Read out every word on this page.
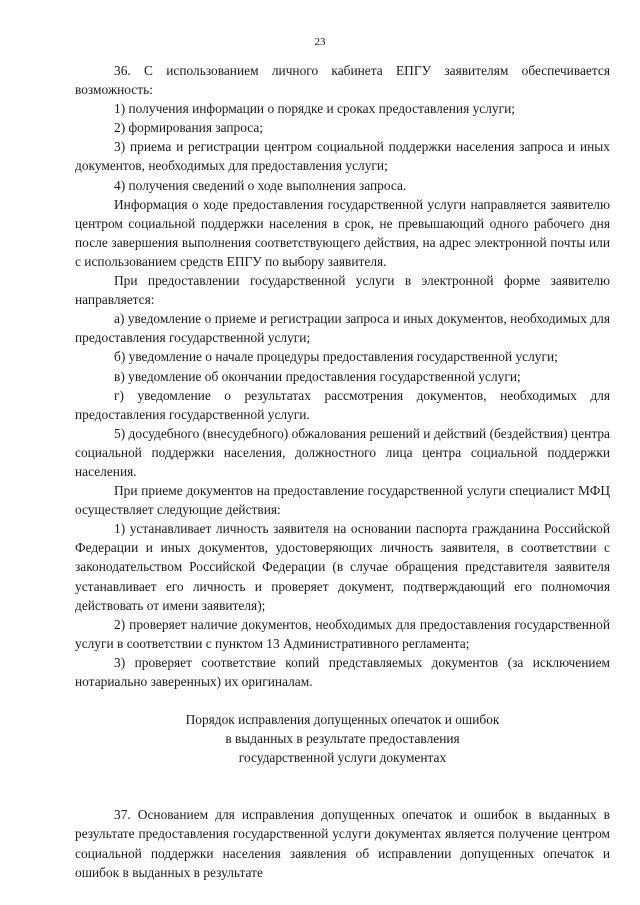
23

36. С использованием личного кабинета ЕПГУ заявителям обеспечивается возможность:

1) получения информации о порядке и сроках предоставления услуги;

2) формирования запроса;

3) приема и регистрации центром социальной поддержки населения запроса и иных документов, необходимых для предоставления услуги;

4) получения сведений о ходе выполнения запроса.

Информация о ходе предоставления государственной услуги направляется заявителю центром социальной поддержки населения в срок, не превышающий одного рабочего дня после завершения выполнения соответствующего действия, на адрес электронной почты или с использованием средств ЕПГУ по выбору заявителя.

При предоставлении государственной услуги в электронной форме заявителю направляется:

а) уведомление о приеме и регистрации запроса и иных документов, необходимых для предоставления государственной услуги;

б) уведомление о начале процедуры предоставления государственной услуги;

в) уведомление об окончании предоставления государственной услуги;

г) уведомление о результатах рассмотрения документов, необходимых для предоставления государственной услуги.

5) досудебного (внесудебного) обжалования решений и действий (бездействия) центра социальной поддержки населения, должностного лица центра социальной поддержки населения.

При приеме документов на предоставление государственной услуги специалист МФЦ осуществляет следующие действия:

1) устанавливает личность заявителя на основании паспорта гражданина Российской Федерации и иных документов, удостоверяющих личность заявителя, в соответствии с законодательством Российской Федерации (в случае обращения представителя заявителя устанавливает его личность и проверяет документ, подтверждающий его полномочия действовать от имени заявителя);

2) проверяет наличие документов, необходимых для предоставления государственной услуги в соответствии с пунктом 13 Административного регламента;

3) проверяет соответствие копий представляемых документов (за исключением нотариально заверенных) их оригиналам.

Порядок исправления допущенных опечаток и ошибок
в выданных в результате предоставления
государственной услуги документах

37. Основанием для исправления допущенных опечаток и ошибок в выданных в результате предоставления государственной услуги документах является получение центром социальной поддержки населения заявления об исправлении допущенных опечаток и ошибок в выданных в результате
